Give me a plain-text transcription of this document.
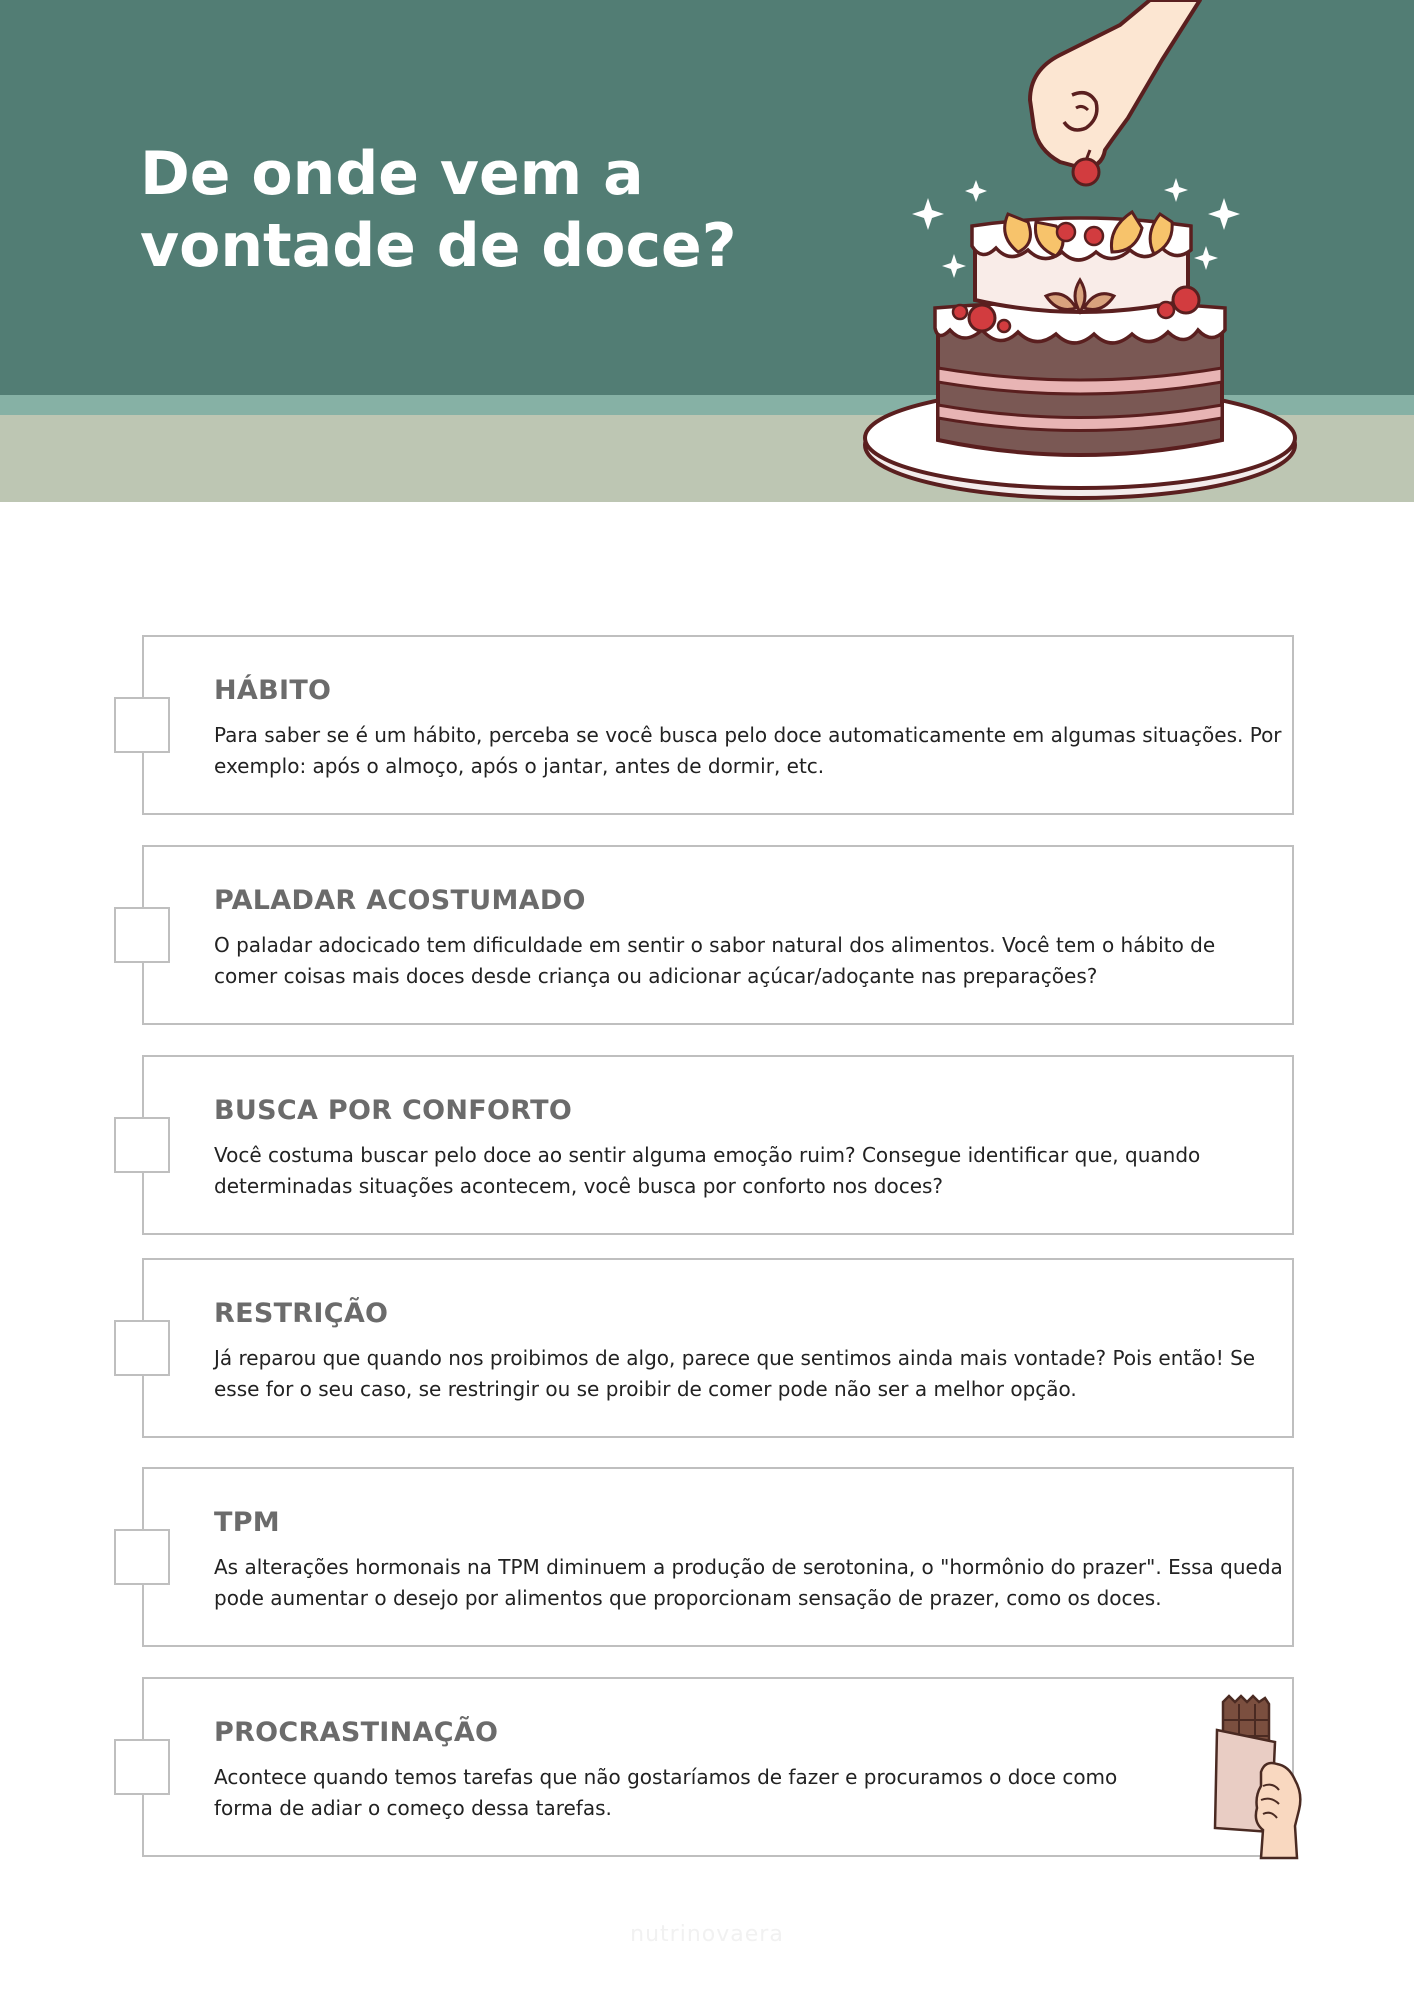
De onde vem a
vontade de doce?
HÁBITO

Para saber se é um hábito, perceba se você busca pelo doce automaticamente em algumas situações. Por exemplo: após o almoço, após o jantar, antes de dormir, etc.

PALADAR ACOSTUMADO

O paladar adocicado tem dificuldade em sentir o sabor natural dos alimentos. Você tem o hábito de comer coisas mais doces desde criança ou adicionar açúcar/adoçante nas preparações?

BUSCA POR CONFORTO

Você costuma buscar pelo doce ao sentir alguma emoção ruim? Consegue identificar que, quando determinadas situações acontecem, você busca por conforto nos doces?

RESTRIÇÃO

Já reparou que quando nos proibimos de algo, parece que sentimos ainda mais vontade? Pois então! Se esse for o seu caso, se restringir ou se proibir de comer pode não ser a melhor opção.

TPM

As alterações hormonais na TPM diminuem a produção de serotonina, o "hormônio do prazer". Essa queda pode aumentar o desejo por alimentos que proporcionam sensação de prazer, como os doces.

PROCRASTINAÇÃO

Acontece quando temos tarefas que não gostaríamos de fazer e procuramos o doce como forma de adiar o começo dessa tarefas.

nutrinovaera
